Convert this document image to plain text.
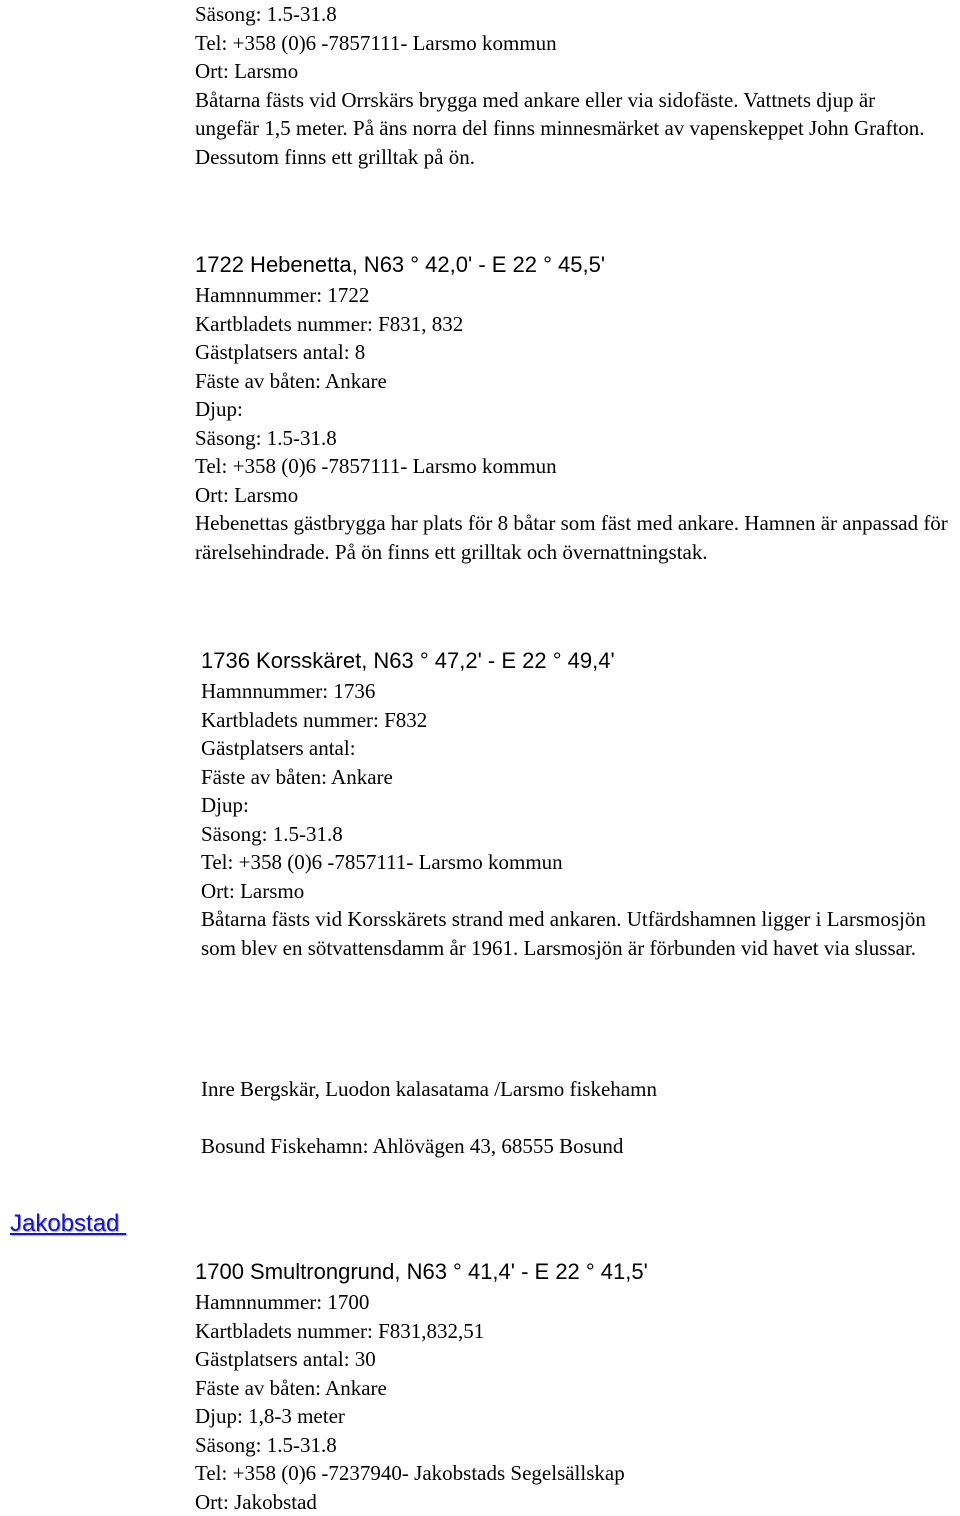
Säsong: 1.5-31.8
Tel: +358 (0)6 -7857111- Larsmo kommun
Ort: Larsmo
Båtarna fästs vid Orrskärs brygga med ankare eller via sidofäste. Vattnets djup är ungefär 1,5 meter. På äns norra del finns minnesmärket av vapenskeppet John Grafton. Dessutom finns ett grilltak på ön.
1722 Hebenetta, N63 ° 42,0' - E 22 ° 45,5'
Hamnnummer: 1722
Kartbladets nummer: F831, 832
Gästplatsers antal: 8
Fäste av båten: Ankare
Djup:
Säsong: 1.5-31.8
Tel: +358 (0)6 -7857111- Larsmo kommun
Ort: Larsmo
Hebenettas gästbrygga har plats för 8 båtar som fäst med ankare. Hamnen är anpassad för rärelsehindrade. På ön finns ett grilltak och övernattningstak.
1736 Korsskäret, N63 ° 47,2' - E 22 ° 49,4'
Hamnnummer: 1736
Kartbladets nummer: F832
Gästplatsers antal:
Fäste av båten: Ankare
Djup:
Säsong: 1.5-31.8
Tel: +358 (0)6 -7857111- Larsmo kommun
Ort: Larsmo
Båtarna fästs vid Korsskärets strand med ankaren. Utfärdshamnen ligger i Larsmosjön som blev en sötvattensdamm år 1961. Larsmosjön är förbunden vid havet via slussar.
Inre Bergskär, Luodon kalasatama /Larsmo fiskehamn
Bosund Fiskehamn: Ahlövägen 43, 68555 Bosund
Jakobstad
1700 Smultrongrund, N63 ° 41,4' - E 22 ° 41,5'
Hamnnummer: 1700
Kartbladets nummer: F831,832,51
Gästplatsers antal: 30
Fäste av båten: Ankare
Djup: 1,8-3 meter
Säsong: 1.5-31.8
Tel: +358 (0)6 -7237940- Jakobstads Segelsällskap
Ort: Jakobstad
